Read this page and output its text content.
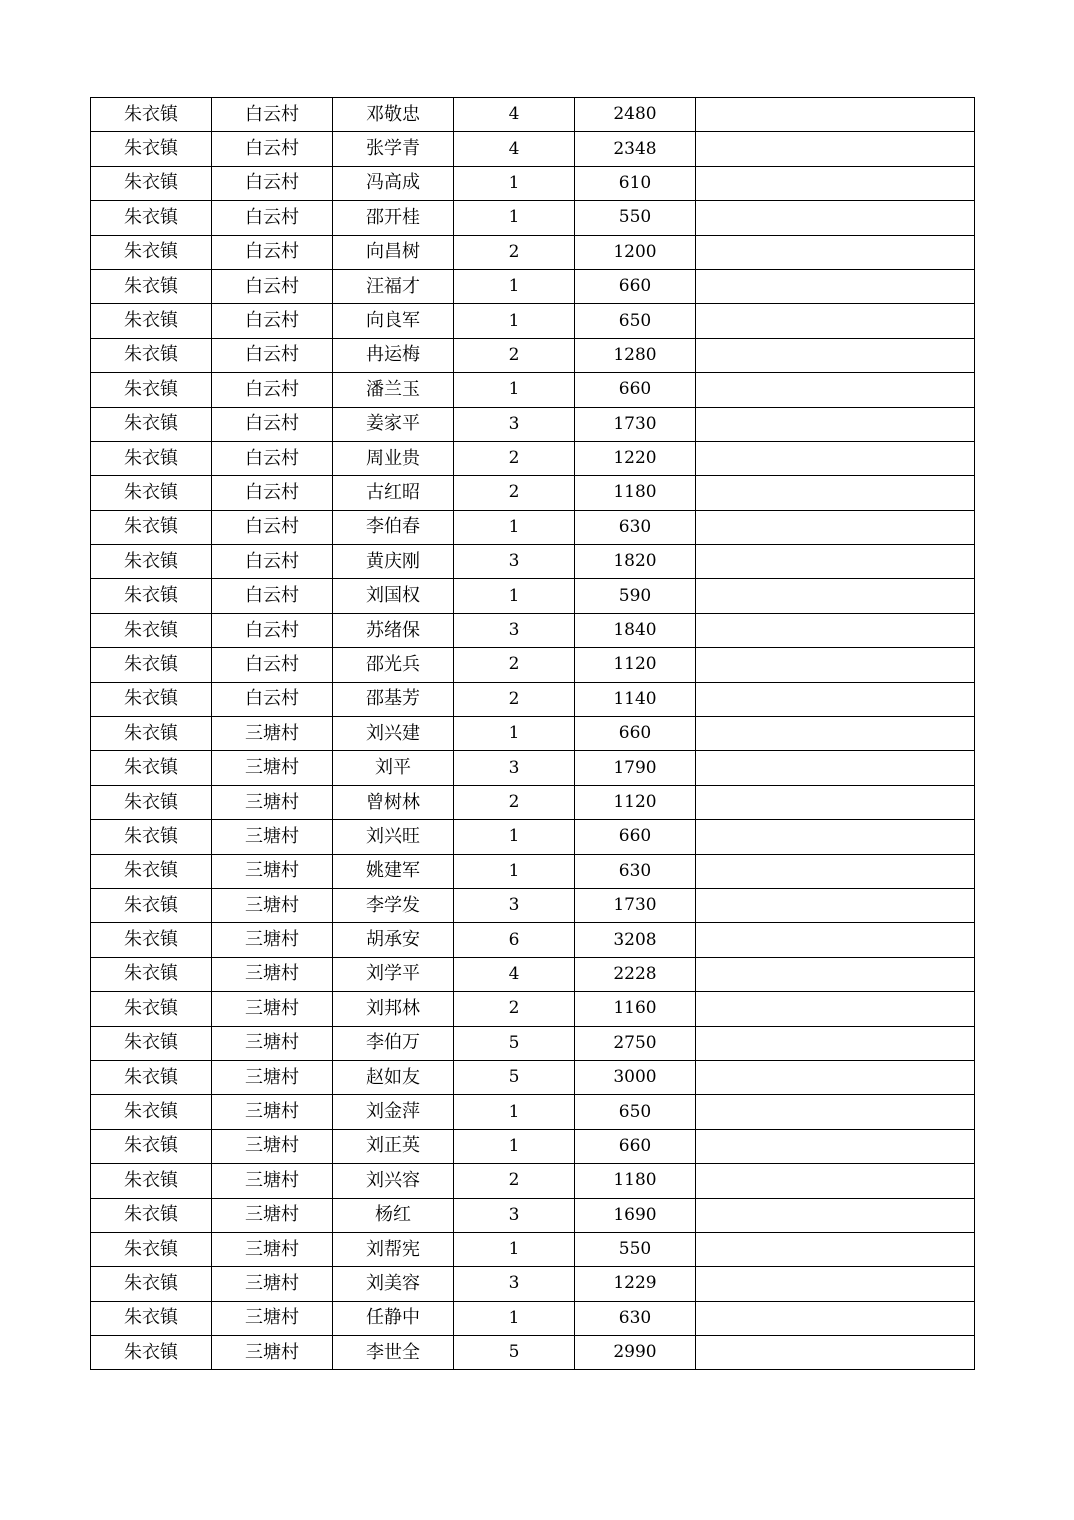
朱衣镇	白云村	邓敬忠	4	2480	
朱衣镇	白云村	张学青	4	2348	
朱衣镇	白云村	冯高成	1	610	
朱衣镇	白云村	邵开桂	1	550	
朱衣镇	白云村	向昌树	2	1200	
朱衣镇	白云村	汪福才	1	660	
朱衣镇	白云村	向良军	1	650	
朱衣镇	白云村	冉运梅	2	1280	
朱衣镇	白云村	潘兰玉	1	660	
朱衣镇	白云村	姜家平	3	1730	
朱衣镇	白云村	周业贵	2	1220	
朱衣镇	白云村	古红昭	2	1180	
朱衣镇	白云村	李伯春	1	630	
朱衣镇	白云村	黄庆刚	3	1820	
朱衣镇	白云村	刘国权	1	590	
朱衣镇	白云村	苏绪保	3	1840	
朱衣镇	白云村	邵光兵	2	1120	
朱衣镇	白云村	邵基芳	2	1140	
朱衣镇	三塘村	刘兴建	1	660	
朱衣镇	三塘村	刘平	3	1790	
朱衣镇	三塘村	曾树林	2	1120	
朱衣镇	三塘村	刘兴旺	1	660	
朱衣镇	三塘村	姚建军	1	630	
朱衣镇	三塘村	李学发	3	1730	
朱衣镇	三塘村	胡承安	6	3208	
朱衣镇	三塘村	刘学平	4	2228	
朱衣镇	三塘村	刘邦林	2	1160	
朱衣镇	三塘村	李伯万	5	2750	
朱衣镇	三塘村	赵如友	5	3000	
朱衣镇	三塘村	刘金萍	1	650	
朱衣镇	三塘村	刘正英	1	660	
朱衣镇	三塘村	刘兴容	2	1180	
朱衣镇	三塘村	杨红	3	1690	
朱衣镇	三塘村	刘帮宪	1	550	
朱衣镇	三塘村	刘美容	3	1229	
朱衣镇	三塘村	任静中	1	630	
朱衣镇	三塘村	李世全	5	2990	
